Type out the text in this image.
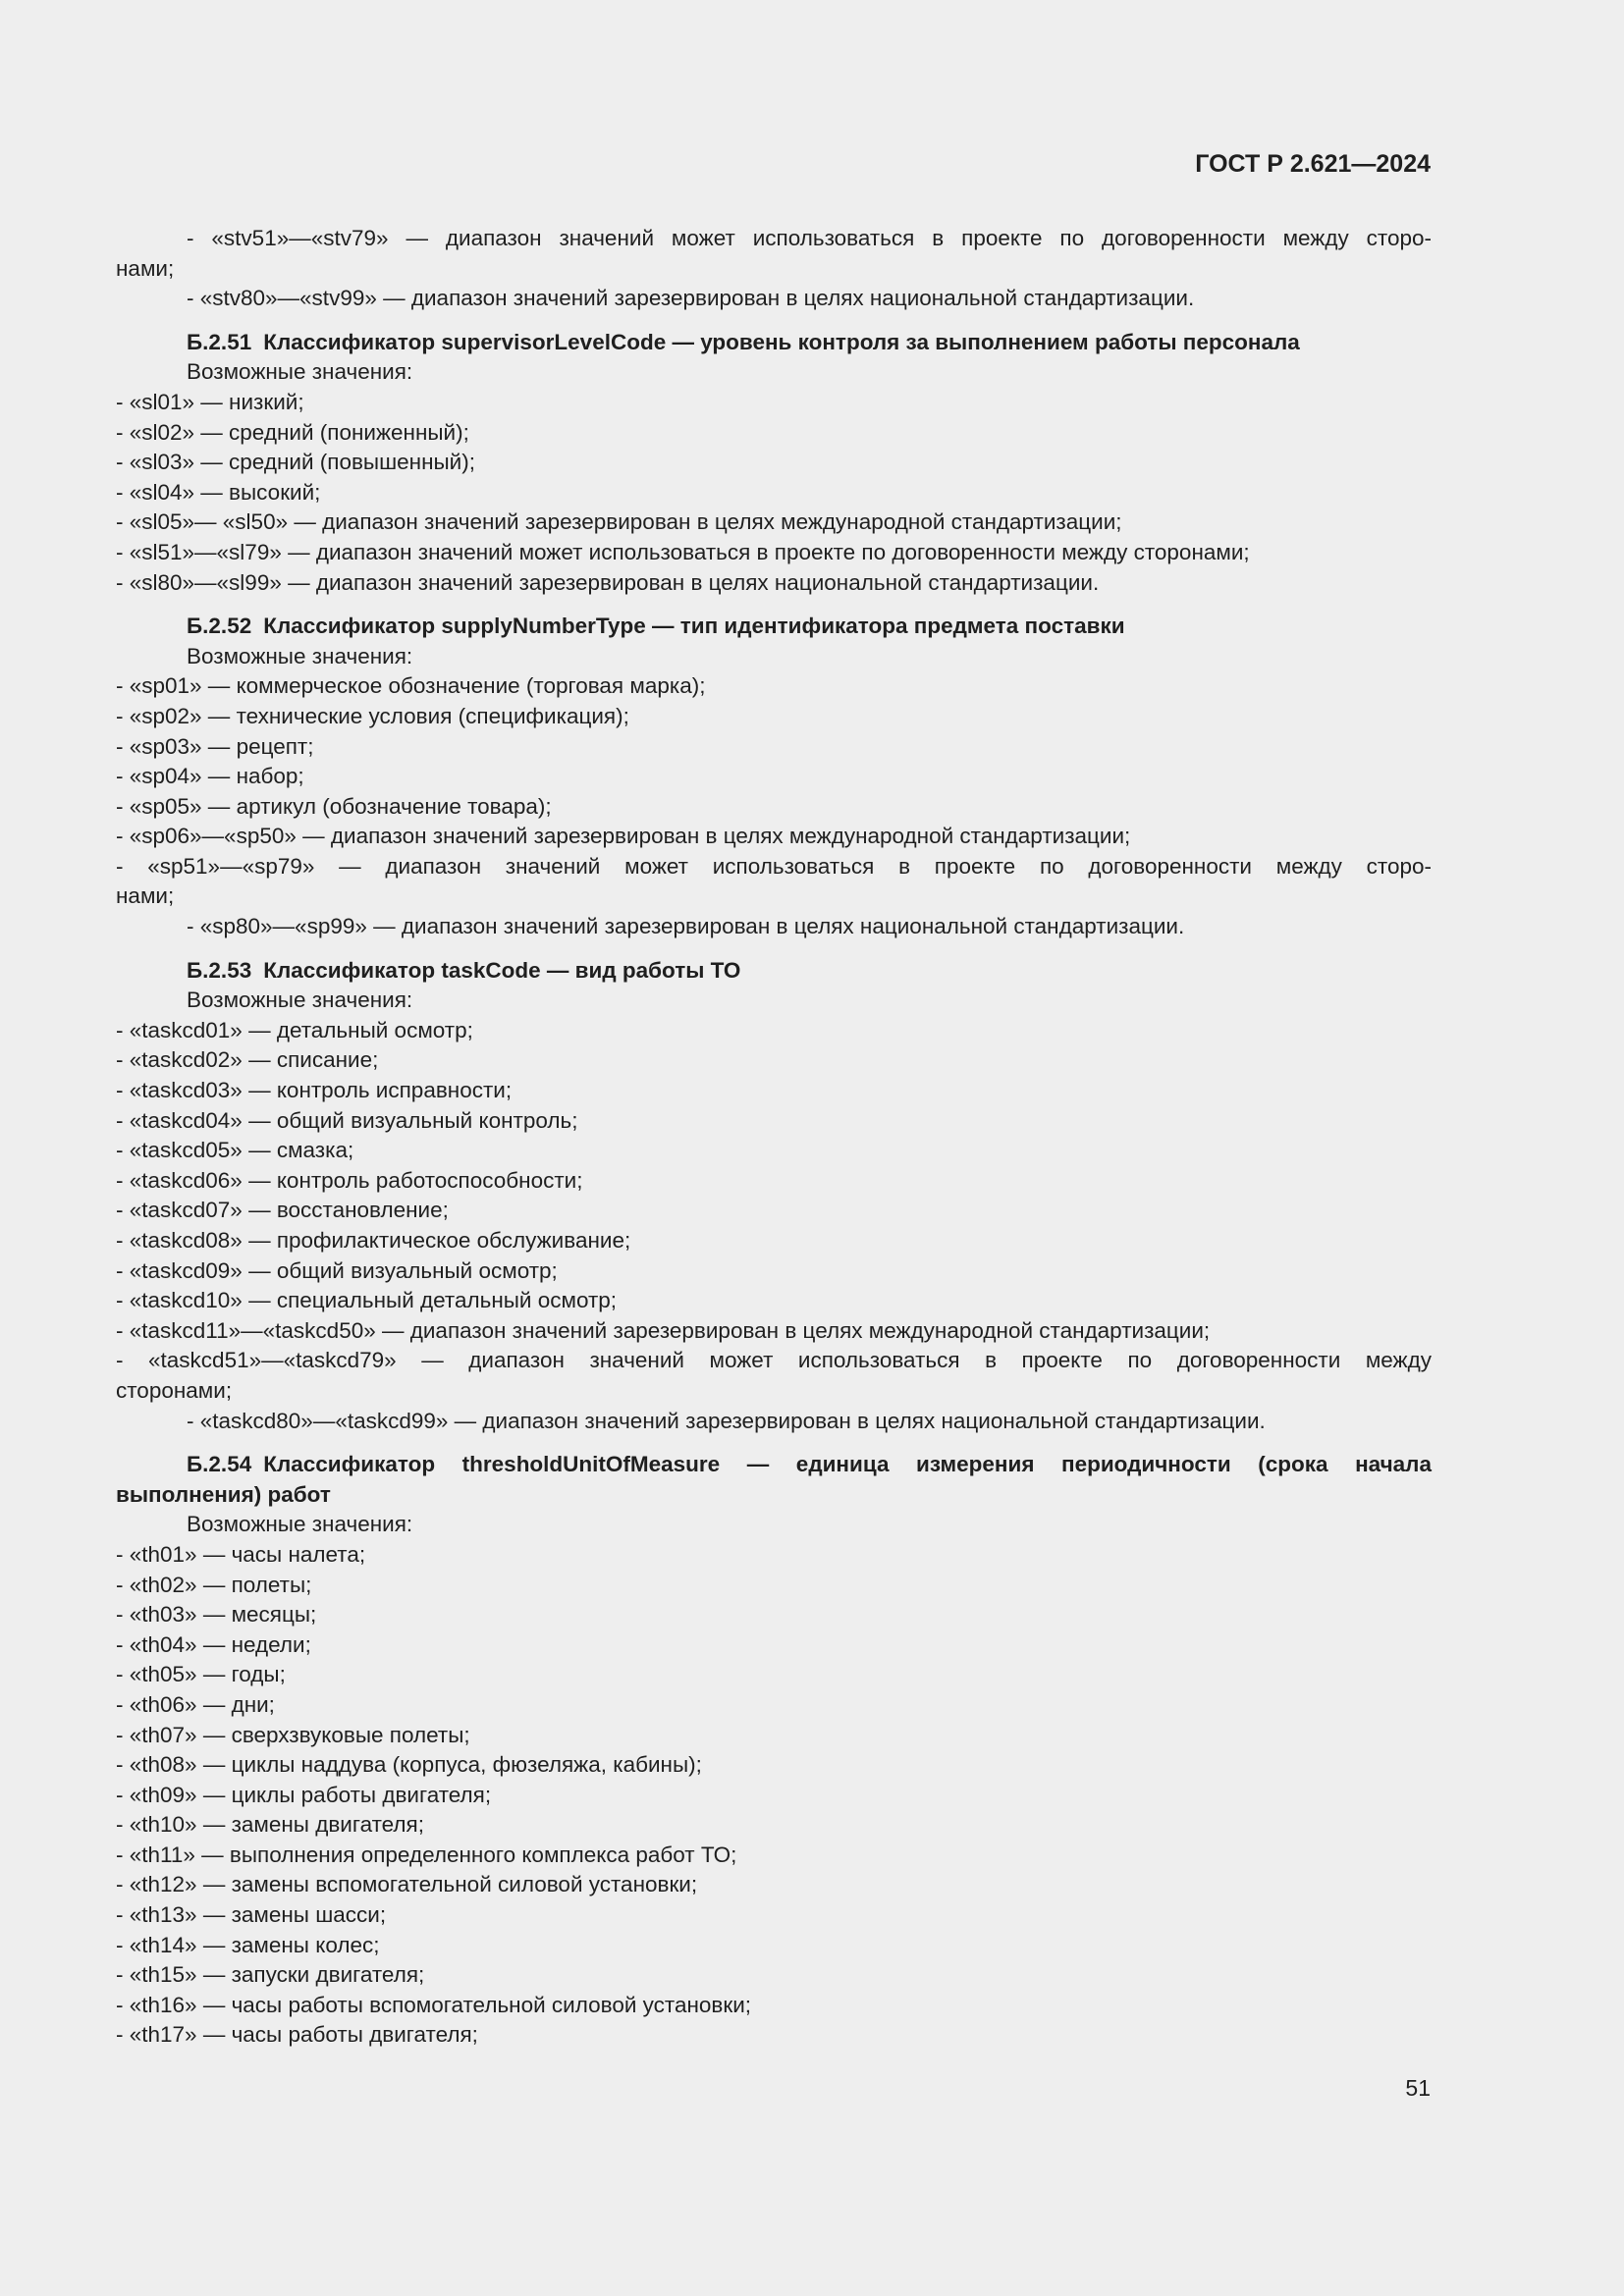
ГОСТ Р 2.621—2024
- «stv51»—«stv79» — диапазон значений может использоваться в проекте по договоренности между сторо-
нами;
- «stv80»—«stv99» — диапазон значений зарезервирован в целях национальной стандартизации.
Б.2.51 Классификатор supervisorLevelCode — уровень контроля за выполнением работы персонала
Возможные значения:
- «sl01» — низкий;
- «sl02» — средний (пониженный);
- «sl03» — средний (повышенный);
- «sl04» — высокий;
- «sl05»— «sl50» — диапазон значений зарезервирован в целях международной стандартизации;
- «sl51»—«sl79» — диапазон значений может использоваться в проекте по договоренности между сторонами;
- «sl80»—«sl99» — диапазон значений зарезервирован в целях национальной стандартизации.
Б.2.52 Классификатор supplyNumberType — тип идентификатора предмета поставки
Возможные значения:
- «sp01» — коммерческое обозначение (торговая марка);
- «sp02» — технические условия (спецификация);
- «sp03» — рецепт;
- «sp04» — набор;
- «sp05» — артикул (обозначение товара);
- «sp06»—«sp50» — диапазон значений зарезервирован в целях международной стандартизации;
- «sp51»—«sp79» — диапазон значений может использоваться в проекте по договоренности между сторо-
нами;
- «sp80»—«sp99» — диапазон значений зарезервирован в целях национальной стандартизации.
Б.2.53 Классификатор taskCode — вид работы ТО
Возможные значения:
- «taskcd01» — детальный осмотр;
- «taskcd02» — списание;
- «taskcd03» — контроль исправности;
- «taskcd04» — общий визуальный контроль;
- «taskcd05» — смазка;
- «taskcd06» — контроль работоспособности;
- «taskcd07» — восстановление;
- «taskcd08» — профилактическое обслуживание;
- «taskcd09» — общий визуальный осмотр;
- «taskcd10» — специальный детальный осмотр;
- «taskcd11»—«taskcd50» — диапазон значений зарезервирован в целях международной стандартизации;
- «taskcd51»—«taskcd79» — диапазон значений может использоваться в проекте по договоренности между
сторонами;
- «taskcd80»—«taskcd99» — диапазон значений зарезервирован в целях национальной стандартизации.
Б.2.54 Классификатор thresholdUnitOfMeasure — единица измерения периодичности (срока начала
выполнения) работ
Возможные значения:
- «th01» — часы налета;
- «th02» — полеты;
- «th03» — месяцы;
- «th04» — недели;
- «th05» — годы;
- «th06» — дни;
- «th07» — сверхзвуковые полеты;
- «th08» — циклы наддува (корпуса, фюзеляжа, кабины);
- «th09» — циклы работы двигателя;
- «th10» — замены двигателя;
- «th11» — выполнения определенного комплекса работ ТО;
- «th12» — замены вспомогательной силовой установки;
- «th13» — замены шасси;
- «th14» — замены колес;
- «th15» — запуски двигателя;
- «th16» — часы работы вспомогательной силовой установки;
- «th17» — часы работы двигателя;
51
